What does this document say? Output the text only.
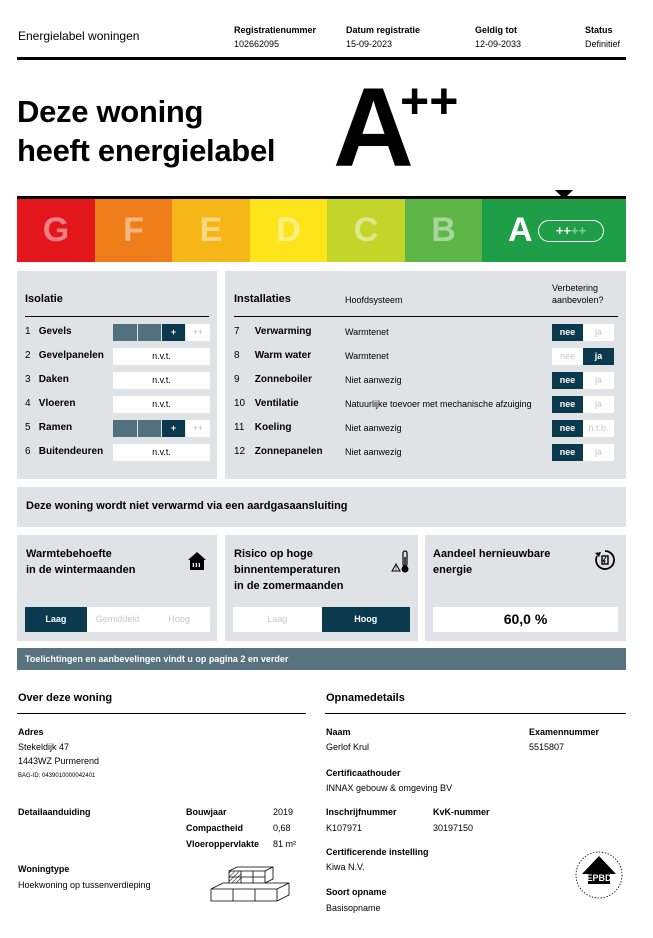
Energielabel woningen	Registratienummer
102662095
Datum registratie
15-09-2023
Geldig tot
12-09-2033
Status
Definitief
Deze woning
heeft energielabel A
++
G F E D C B A	++++
Isolatie
1 Gevels	+	++
2 Gevelpanelen	n.v.t.
3 Daken	n.v.t.
4 Vloeren	n.v.t.
5 Ramen	+	++
6 Buitendeuren	n.v.t.
Installaties	Hoofdsysteem
Verbetering aanbevolen?
7 Verwarming	Warmtenet	nee	ja
8 Warm water	Warmtenet	nee	ja
9 Zonneboiler	Niet aanwezig	nee	ja
10 Ventilatie	Natuurlijke toevoer met mechanische afzuiging	nee	ja
11 Koeling	Niet aanwezig	nee	n.t.b.
12 Zonnepanelen Niet aanwezig	nee	ja
Deze woning wordt niet verwarmd via een aardgasaansluiting
Warmtebehoefte
in de wintermaanden
Laag	Gemiddeld	Hoog
Risico op hoge
binnentemperaturen
in de zomermaanden
!
Laag	Hoog
Aandeel hernieuwbare
energie
60,0 %
Toelichtingen en aanbevelingen vindt u op pagina 2 en verder
Over deze woning
Adres
Stekeldijk 47
1443WZ Purmerend
BAG-ID: 0439010000042401
Detailaanduiding	Bouwjaar	2019
Compactheid	0,68
Vloeroppervlakte 81 m²
Woningtype
Hoekwoning op tussenverdieping
Opnamedetails
Naam
Gerlof Krul
Examennummer
5515807
Certificaathouder
INNAX gebouw & omgeving BV
Inschrijfnummer
K107971
KvK-nummer
30197150
Certificerende instelling
Kiwa N.V.
Soort opname
Basisopname
EPBD
